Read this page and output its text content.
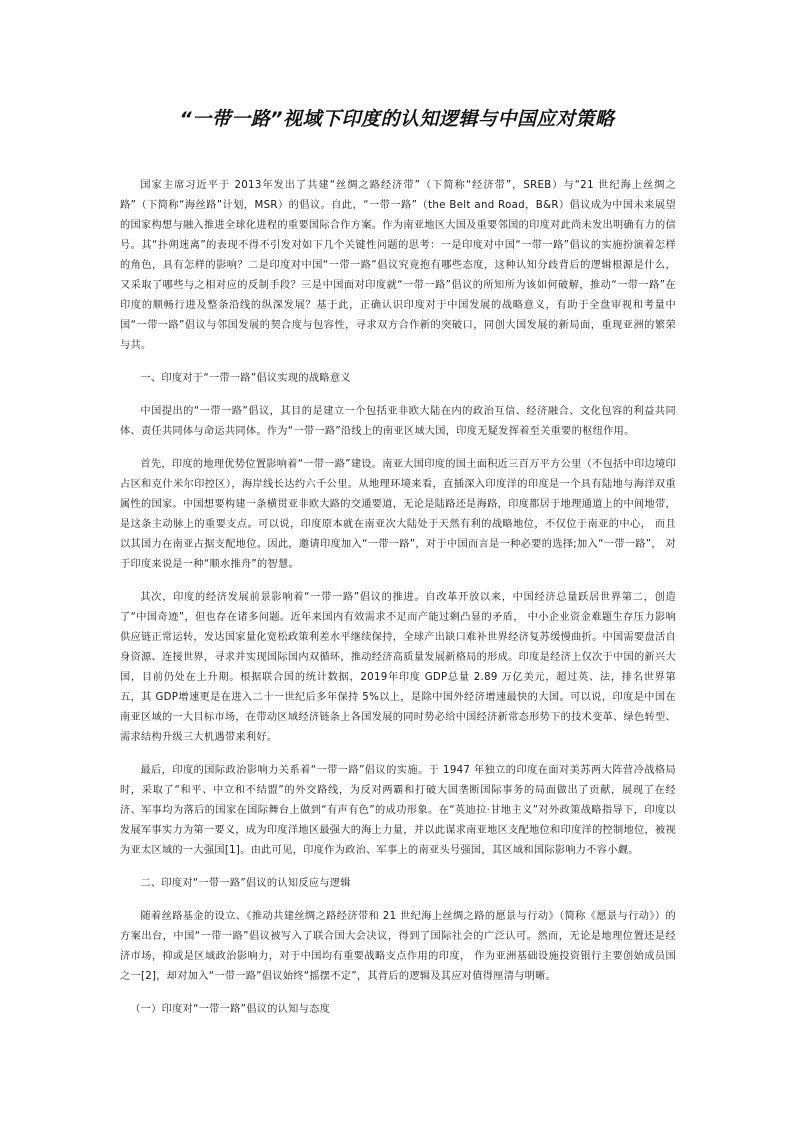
“一带一路”视域下印度的认知逻辑与中国应对策略

国家主席习近平于 2013年发出了共建“丝绸之路经济带”（下简称“经济带”，SREB）与“21 世纪海上丝绸之路”（下简称“海丝路”计划，MSR）的倡议。自此，“一带一路”（the Belt and Road，B&R）倡议成为中国未来展望的国家构想与融入推进全球化进程的重要国际合作方案。作为南亚地区大国及重要邻国的印度对此尚未发出明确有力的信号。其“扑朔迷离”的表现不得不引发对如下几个关键性问题的思考：一是印度对中国“一带一路”倡议的实施扮演着怎样的角色，具有怎样的影响？二是印度对中国“一带一路”倡议究竟抱有哪些态度，这种认知分歧背后的逻辑根源是什么，又采取了哪些与之相对应的反制手段？三是中国面对印度就“一带一路”倡议的所知所为该如何破解，推动“一带一路”在印度的顺畅行进及整条沿线的纵深发展？基于此，正确认识印度对于中国发展的战略意义，有助于全盘审视和考量中国“一带一路”倡议与邻国发展的契合度与包容性，寻求双方合作新的突破口，同创大国发展的新局面，重现亚洲的繁荣与共。

一、印度对于“一带一路”倡议实现的战略意义

中国提出的“一带一路”倡议，其目的是建立一个包括亚非欧大陆在内的政治互信、经济融合、文化包容的利益共同体、责任共同体与命运共同体。作为“一带一路”沿线上的南亚区域大国，印度无疑发挥着至关重要的枢纽作用。

首先，印度的地理优势位置影响着“一带一路”建设。南亚大国印度的国土面积近三百万平方公里（不包括中印边境印占区和克什米尔印控区），海岸线长达约六千公里。从地理环境来看，直插深入印度洋的印度是一个具有陆地与海洋双重属性的国家。中国想要构建一条横贯亚非欧大路的交通要道，无论是陆路还是海路，印度都居于地理通道上的中间地带，是这条主动脉上的重要支点。可以说，印度原本就在南亚次大陆处于天然有利的战略地位，不仅位于南亚的中心， 而且以其国力在南亚占据支配地位。因此，邀请印度加入“一带一路”，对于中国而言是一种必要的选择;加入“一带一路”， 对于印度来说是一种“顺水推舟”的智慧。

其次，印度的经济发展前景影响着“一带一路”倡议的推进。自改革开放以来，中国经济总量跃居世界第二，创造了“中国奇迹”，但也存在诸多问题。近年来国内有效需求不足而产能过剩凸显的矛盾， 中小企业资金难题生存压力影响供应链正常运转，发达国家量化宽松政策利差水平继续保持，全球产出缺口难补世界经济复苏缓慢曲折。中国需要盘活自身资源、连接世界，寻求并实现国际国内双循环，推动经济高质量发展新格局的形成。印度是经济上仅次于中国的新兴大国，目前仍处在上升期。根据联合国的统计数据，2019年印度 GDP总量 2.89 万亿美元，超过英、法，排名世界第五，其 GDP增速更是在进入二十一世纪后多年保持 5%以上，是除中国外经济增速最快的大国。可以说，印度是中国在南亚区域的一大目标市场，在带动区域经济链条上各国发展的同时势必给中国经济新常态形势下的技术变革、绿色转型、需求结构升级三大机遇带来利好。

最后，印度的国际政治影响力关系着“一带一路”倡议的实施。于 1947 年独立的印度在面对美苏两大阵营冷战格局时，采取了“和平、中立和不结盟”的外交路线，为反对两霸和打破大国垄断国际事务的局面做出了贡献，展现了在经济、军事均为落后的国家在国际舞台上做到“有声有色”的成功形象。在“英迪拉·甘地主义”对外政策战略指导下，印度以发展军事实力为第一要义，成为印度洋地区最强大的海上力量，并以此谋求南亚地区支配地位和印度洋的控制地位，被视为亚太区域的一大强国[1]。由此可见，印度作为政治、军事上的南亚头号强国，其区域和国际影响力不容小觑。

二、印度对“一带一路”倡议的认知反应与逻辑

随着丝路基金的设立、《推动共建丝绸之路经济带和 21 世纪海上丝绸之路的愿景与行动》（简称《愿景与行动》）的方案出台，中国“一带一路”倡议被写入了联合国大会决议，得到了国际社会的广泛认可。然而，无论是地理位置还是经济市场，抑或是区域政治影响力，对于中国均有重要战略支点作用的印度， 作为亚洲基础设施投资银行主要创始成员国之一[2]，却对加入“一带一路”倡议始终“摇摆不定”，其背后的逻辑及其应对值得厘清与明晰。

（一）印度对“一带一路”倡议的认知与态度
